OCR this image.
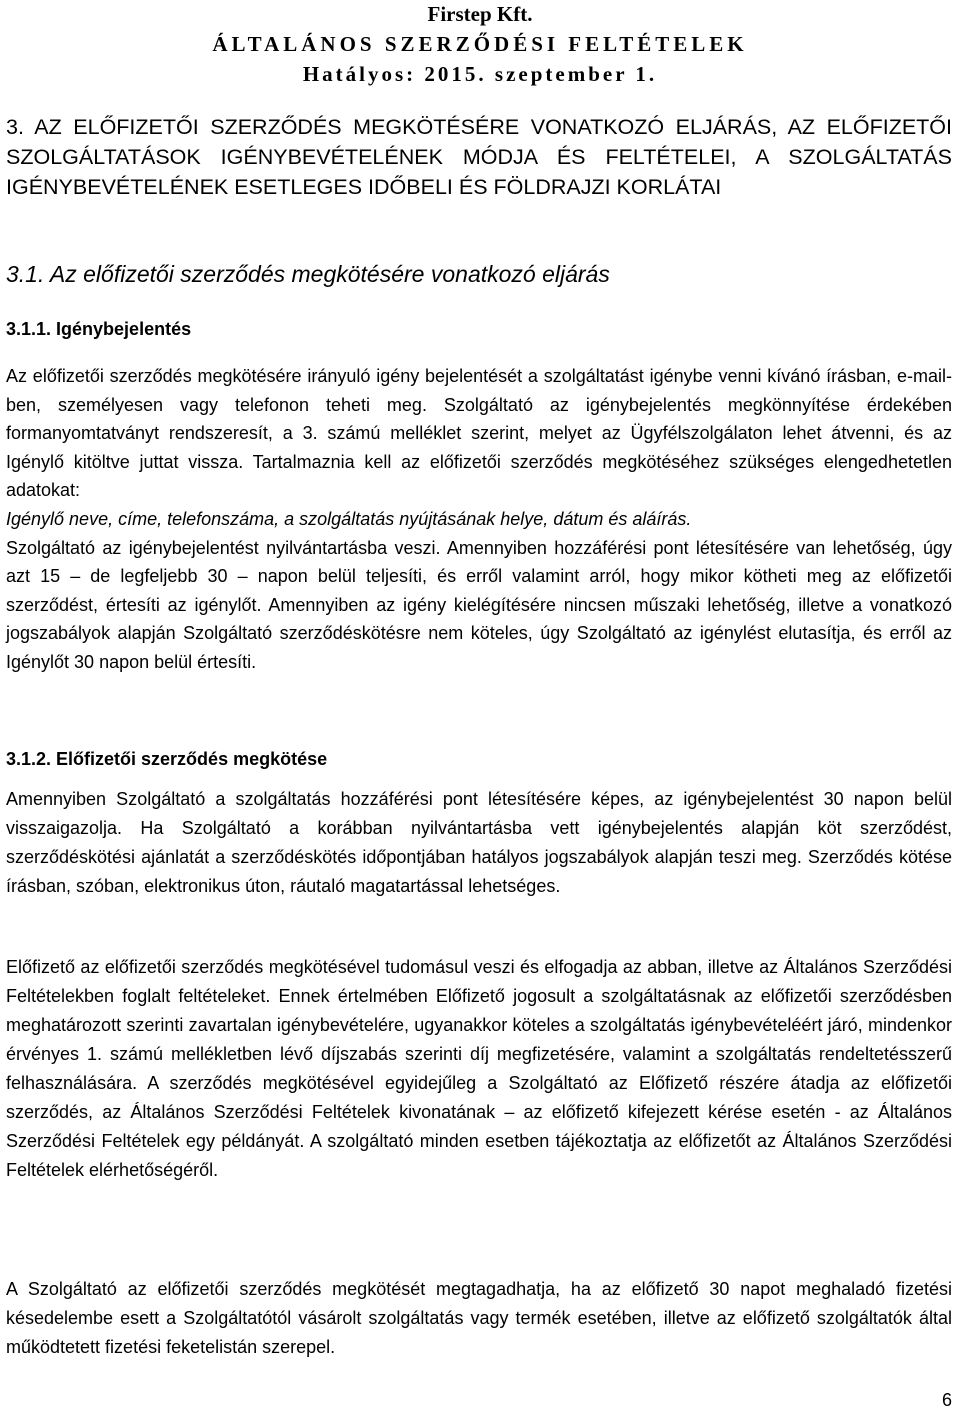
Firstep Kft.
ÁLTALÁNOS SZERZŐDÉSI FELTÉTELEK
Hatályos: 2015. szeptember 1.

3. AZ ELŐFIZETŐI SZERZŐDÉS MEGKÖTÉSÉRE VONATKOZÓ ELJÁRÁS, AZ ELŐFIZETŐI SZOLGÁLTATÁSOK IGÉNYBEVÉTELÉNEK MÓDJA ÉS FELTÉTELEI, A SZOLGÁLTATÁS IGÉNYBEVÉTELÉNEK ESETLEGES IDŐBELI ÉS FÖLDRAJZI KORLÁTAI

3.1. Az előfizetői szerződés megkötésére vonatkozó eljárás

3.1.1. Igénybejelentés

Az előfizetői szerződés megkötésére irányuló igény bejelentését a szolgáltatást igénybe venni kívánó írásban, e-mail-ben, személyesen vagy telefonon teheti meg. Szolgáltató az igénybejelentés megkönnyítése érdekében formanyomtatványt rendszeresít, a 3. számú melléklet szerint, melyet az Ügyfélszolgálaton lehet átvenni, és az Igénylő kitöltve juttat vissza. Tartalmaznia kell az előfizetői szerződés megkötéséhez szükséges elengedhetetlen adatokat:
Igénylő neve, címe, telefonszáma, a szolgáltatás nyújtásának helye, dátum és aláírás.
Szolgáltató az igénybejelentést nyilvántartásba veszi. Amennyiben hozzáférési pont létesítésére van lehetőség, úgy azt 15 – de legfeljebb 30 – napon belül teljesíti, és erről valamint arról, hogy mikor kötheti meg az előfizetői szerződést, értesíti az igénylőt. Amennyiben az igény kielégítésére nincsen műszaki lehetőség, illetve a vonatkozó jogszabályok alapján Szolgáltató szerződéskötésre nem köteles, úgy Szolgáltató az igénylést elutasítja, és erről az Igénylőt 30 napon belül értesíti.

3.1.2. Előfizetői szerződés megkötése

Amennyiben Szolgáltató a szolgáltatás hozzáférési pont létesítésére képes, az igénybejelentést 30 napon belül visszaigazolja. Ha Szolgáltató a korábban nyilvántartásba vett igénybejelentés alapján köt szerződést, szerződéskötési ajánlatát a szerződéskötés időpontjában hatályos jogszabályok alapján teszi meg. Szerződés kötése írásban, szóban, elektronikus úton, ráutaló magatartással lehetséges.

Előfizető az előfizetői szerződés megkötésével tudomásul veszi és elfogadja az abban, illetve az Általános Szerződési Feltételekben foglalt feltételeket. Ennek értelmében Előfizető jogosult a szolgáltatásnak az előfizetői szerződésben meghatározott szerinti zavartalan igénybevételére, ugyanakkor köteles a szolgáltatás igénybevételéért járó, mindenkor érvényes 1. számú mellékletben lévő díjszabás szerinti díj megfizetésére, valamint a szolgáltatás rendeltetésszerű felhasználására. A szerződés megkötésével egyidejűleg a Szolgáltató az Előfizető részére átadja az előfizetői szerződés, az Általános Szerződési Feltételek kivonatának – az előfizető kifejezett kérése esetén - az Általános Szerződési Feltételek egy példányát. A szolgáltató minden esetben tájékoztatja az előfizetőt az Általános Szerződési Feltételek elérhetőségéről.

A Szolgáltató az előfizetői szerződés megkötését megtagadhatja, ha az előfizető 30 napot meghaladó fizetési késedelembe esett a Szolgáltatótól vásárolt szolgáltatás vagy termék esetében, illetve az előfizető szolgáltatók által működtetett fizetési feketelistán szerepel.

6
